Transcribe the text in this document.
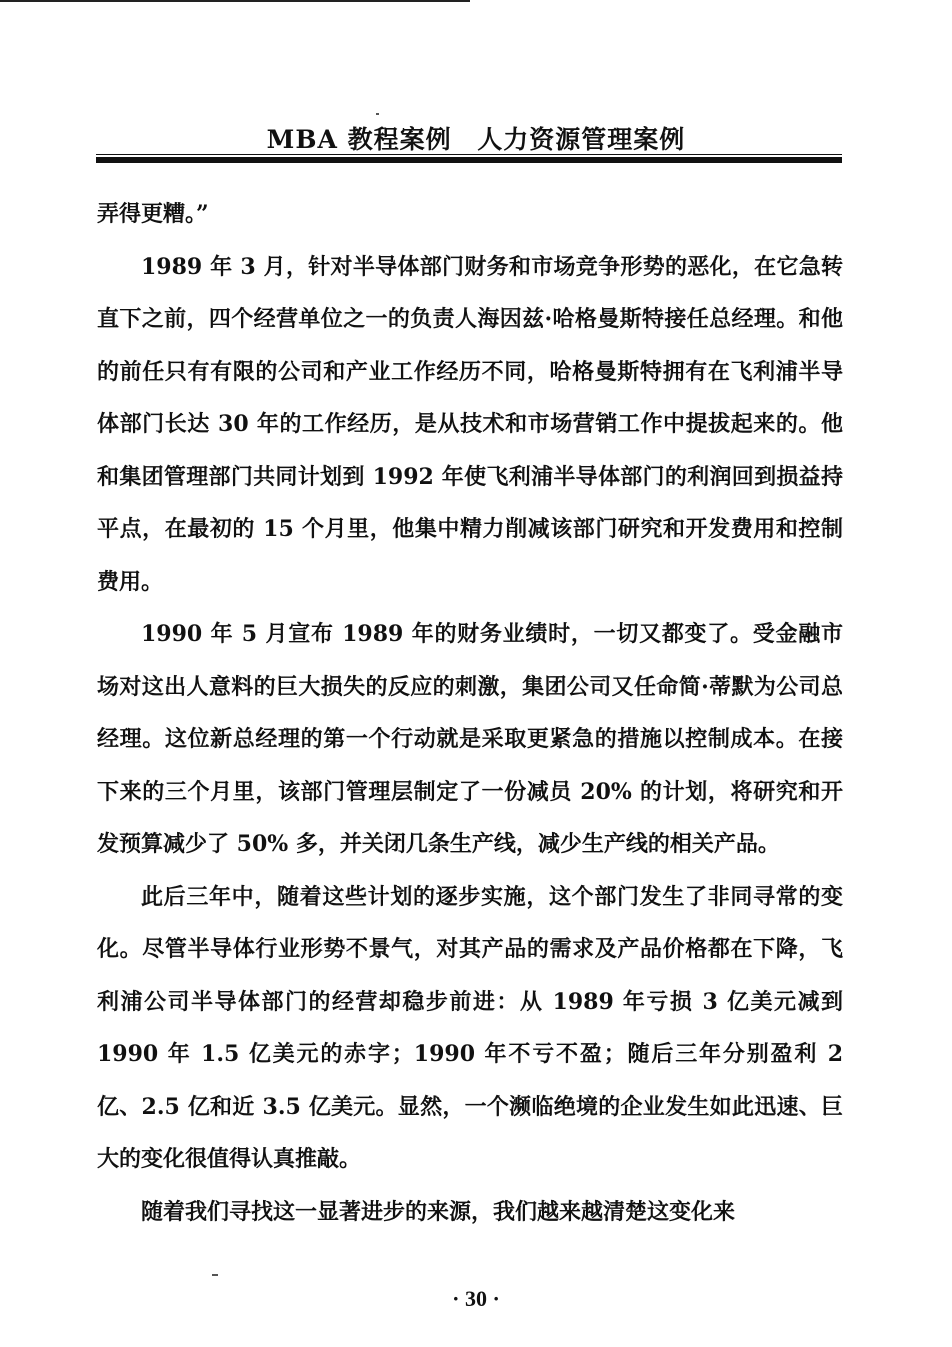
MBA 教程案例 人力资源管理案例

弄得更糟。”

1989 年 3 月，针对半导体部门财务和市场竞争形势的恶化，在它急转直下之前，四个经营单位之一的负责人海因兹·哈格曼斯特接任总经理。和他的前任只有有限的公司和产业工作经历不同，哈格曼斯特拥有在飞利浦半导体部门长达 30 年的工作经历，是从技术和市场营销工作中提拔起来的。他和集团管理部门共同计划到 1992 年使飞利浦半导体部门的利润回到损益持平点，在最初的 15 个月里，他集中精力削减该部门研究和开发费用和控制费用。

1990 年 5 月宣布 1989 年的财务业绩时，一切又都变了。受金融市场对这出人意料的巨大损失的反应的刺激，集团公司又任命简·蒂默为公司总经理。这位新总经理的第一个行动就是采取更紧急的措施以控制成本。在接下来的三个月里，该部门管理层制定了一份减员 20% 的计划，将研究和开发预算减少了 50% 多，并关闭几条生产线，减少生产线的相关产品。

此后三年中，随着这些计划的逐步实施，这个部门发生了非同寻常的变化。尽管半导体行业形势不景气，对其产品的需求及产品价格都在下降，飞利浦公司半导体部门的经营却稳步前进：从 1989 年亏损 3 亿美元减到 1990 年 1.5 亿美元的赤字；1990 年不亏不盈；随后三年分别盈利 2 亿、2.5 亿和近 3.5 亿美元。显然，一个濒临绝境的企业发生如此迅速、巨大的变化很值得认真推敲。

随着我们寻找这一显著进步的来源，我们越来越清楚这变化来

· 30 ·
